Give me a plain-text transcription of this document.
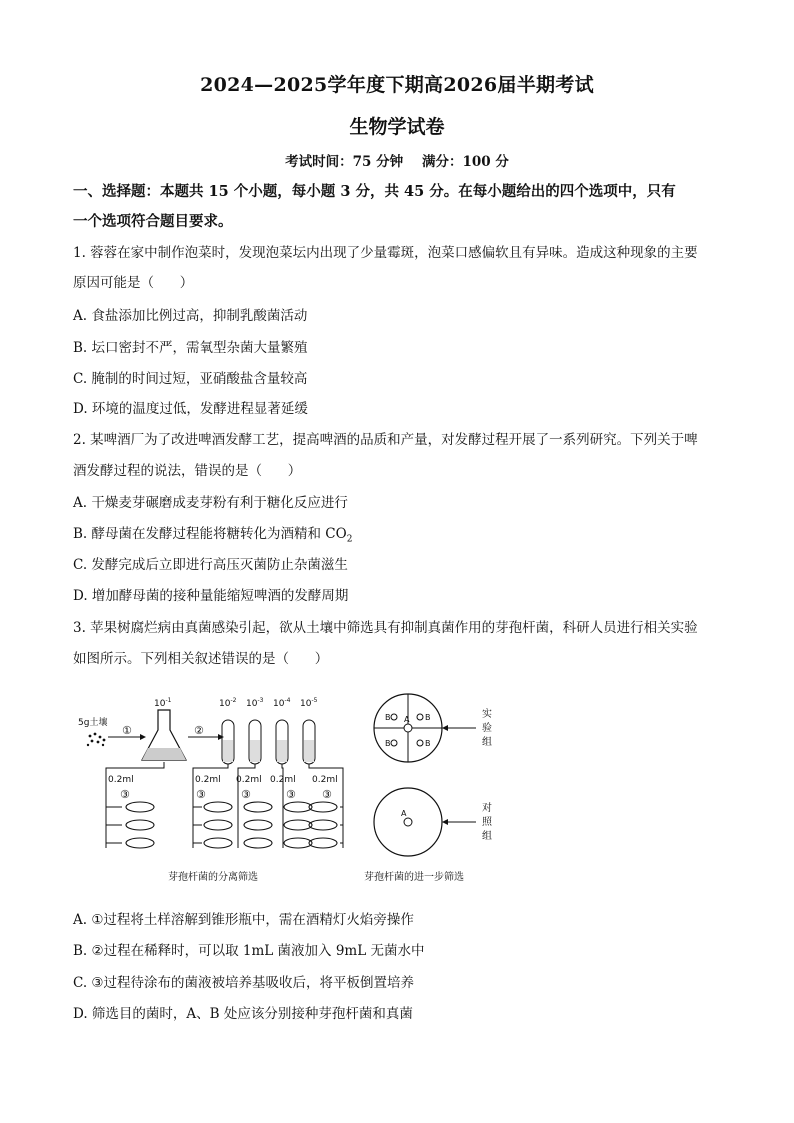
2024—2025学年度下期高2026届半期考试
生物学试卷
考试时间：75 分钟    满分：100 分
一、选择题：本题共 15 个小题，每小题 3 分，共 45 分。在每小题给出的四个选项中，只有
一个选项符合题目要求。
1. 蓉蓉在家中制作泡菜时，发现泡菜坛内出现了少量霉斑，泡菜口感偏软且有异味。造成这种现象的主要
原因可能是（      ）
A. 食盐添加比例过高，抑制乳酸菌活动
B. 坛口密封不严，需氧型杂菌大量繁殖
C. 腌制的时间过短，亚硝酸盐含量较高
D. 环境的温度过低，发酵进程显著延缓
2. 某啤酒厂为了改进啤酒发酵工艺，提高啤酒的品质和产量，对发酵过程开展了一系列研究。下列关于啤
酒发酵过程的说法，错误的是（      ）
A. 干燥麦芽碾磨成麦芽粉有利于糖化反应进行
B. 酵母菌在发酵过程能将糖转化为酒精和 $CO_2$
C. 发酵完成后立即进行高压灭菌防止杂菌滋生
D. 增加酵母菌的接种量能缩短啤酒的发酵周期
3. 苹果树腐烂病由真菌感染引起，欲从土壤中筛选具有抑制真菌作用的芽孢杆菌，科研人员进行相关实验
如图所示。下列相关叙述错误的是（      ）
5g土壤
①
$10^{-1}$
②
$10^{-2}$ $10^{-3}$ $10^{-4}$ $10^{-5}$
0.2ml	0.2ml 0.2ml 0.2ml 0.2ml
③	③	③	③ ③
芽孢杆菌的分离筛选
A
B	B
B	B
实
验
组
A	对
照
组
芽孢杆菌的进一步筛选
A. ①过程将土样溶解到锥形瓶中，需在酒精灯火焰旁操作
B. ②过程在稀释时，可以取 1mL 菌液加入 9mL 无菌水中
C. ③过程待涂布的菌液被培养基吸收后，将平板倒置培养
D. 筛选目的菌时，A、B 处应该分别接种芽孢杆菌和真菌
